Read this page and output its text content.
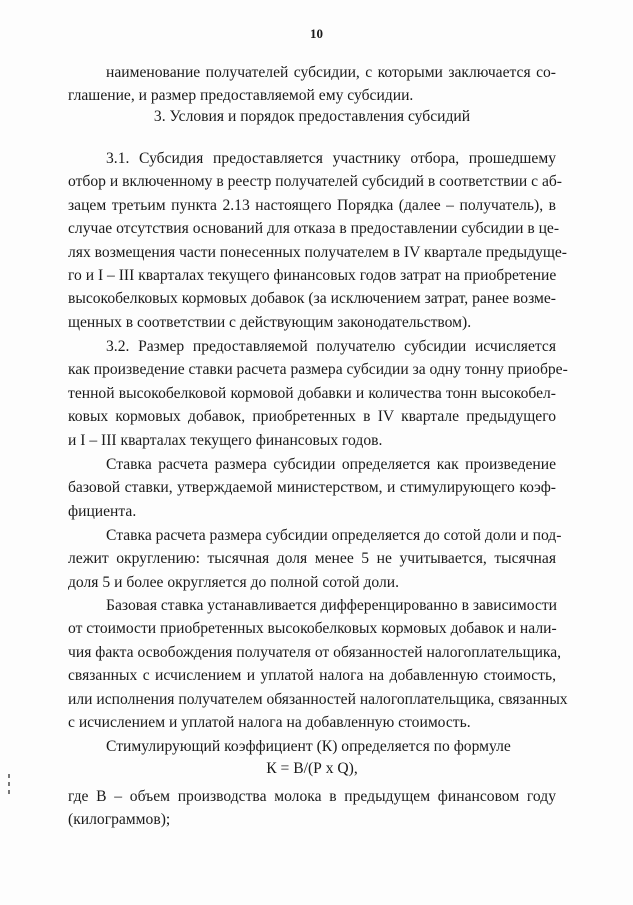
10
наименование получателей субсидии, с которыми заключается со-
глашение, и размер предоставляемой ему субсидии.
3. Условия и порядок предоставления субсидий
3.1. Субсидия предоставляется участнику отбора, прошедшему
отбор и включенному в реестр получателей субсидий в соответствии с аб-
зацем третьим пункта 2.13 настоящего Порядка (далее – получатель), в
случае отсутствия оснований для отказа в предоставлении субсидии в це-
лях возмещения части понесенных получателем в IV квартале предыдуще-
го и I – III кварталах текущего финансовых годов затрат на приобретение
высокобелковых кормовых добавок (за исключением затрат, ранее возме-
щенных в соответствии с действующим законодательством).
3.2. Размер предоставляемой получателю субсидии исчисляется
как произведение ставки расчета размера субсидии за одну тонну приобре-
тенной высокобелковой кормовой добавки и количества тонн высокобел-
ковых кормовых добавок, приобретенных в IV квартале предыдущего
и I – III кварталах текущего финансовых годов.
Ставка расчета размера субсидии определяется как произведение
базовой ставки, утверждаемой министерством, и стимулирующего коэф-
фициента.
Ставка расчета размера субсидии определяется до сотой доли и под-
лежит округлению: тысячная доля менее 5 не учитывается, тысячная
доля 5 и более округляется до полной сотой доли.
Базовая ставка устанавливается дифференцированно в зависимости
от стоимости приобретенных высокобелковых кормовых добавок и нали-
чия факта освобождения получателя от обязанностей налогоплательщика,
связанных с исчислением и уплатой налога на добавленную стоимость,
или исполнения получателем обязанностей налогоплательщика, связанных
с исчислением и уплатой налога на добавленную стоимость.
Стимулирующий коэффициент (К) определяется по формуле
К = В/(Р х Q),
где В – объем производства молока в предыдущем финансовом году
(килограммов);
